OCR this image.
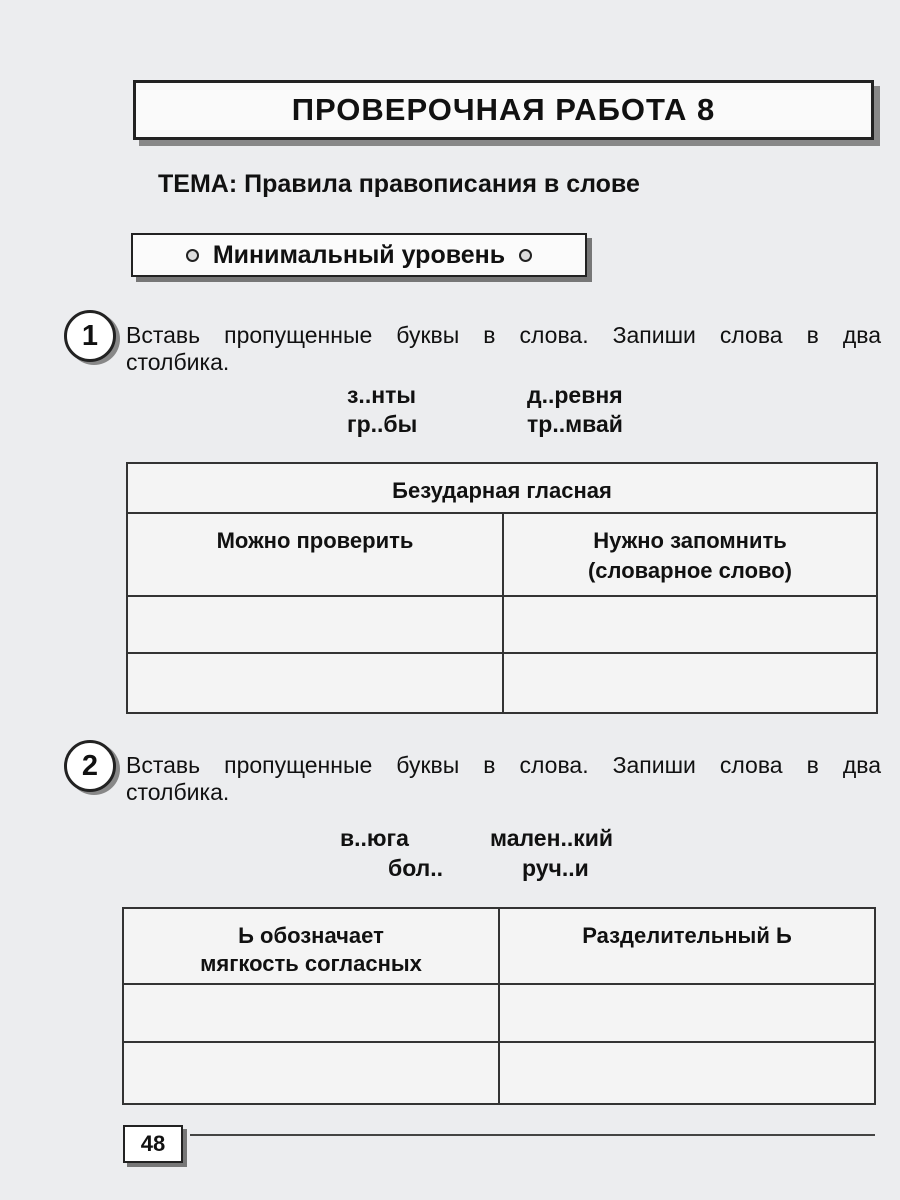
ПРОВЕРОЧНАЯ РАБОТА 8
ТЕМА: Правила правописания в слове
Минимальный уровень
1	Вставь пропущенные буквы в слова. Запиши слова в два столбика.
з..нты	д..ревня
гр..бы	тр..мвай
Безударная гласная	
Можно проверить	Нужно запомнить
(словарное слово)

2	Вставь пропущенные буквы в слова. Запиши слова в два столбика.
в..юга	мален..кий
бол..	руч..и
Ь обозначает
мягкость согласных	Разделительный Ь

48
